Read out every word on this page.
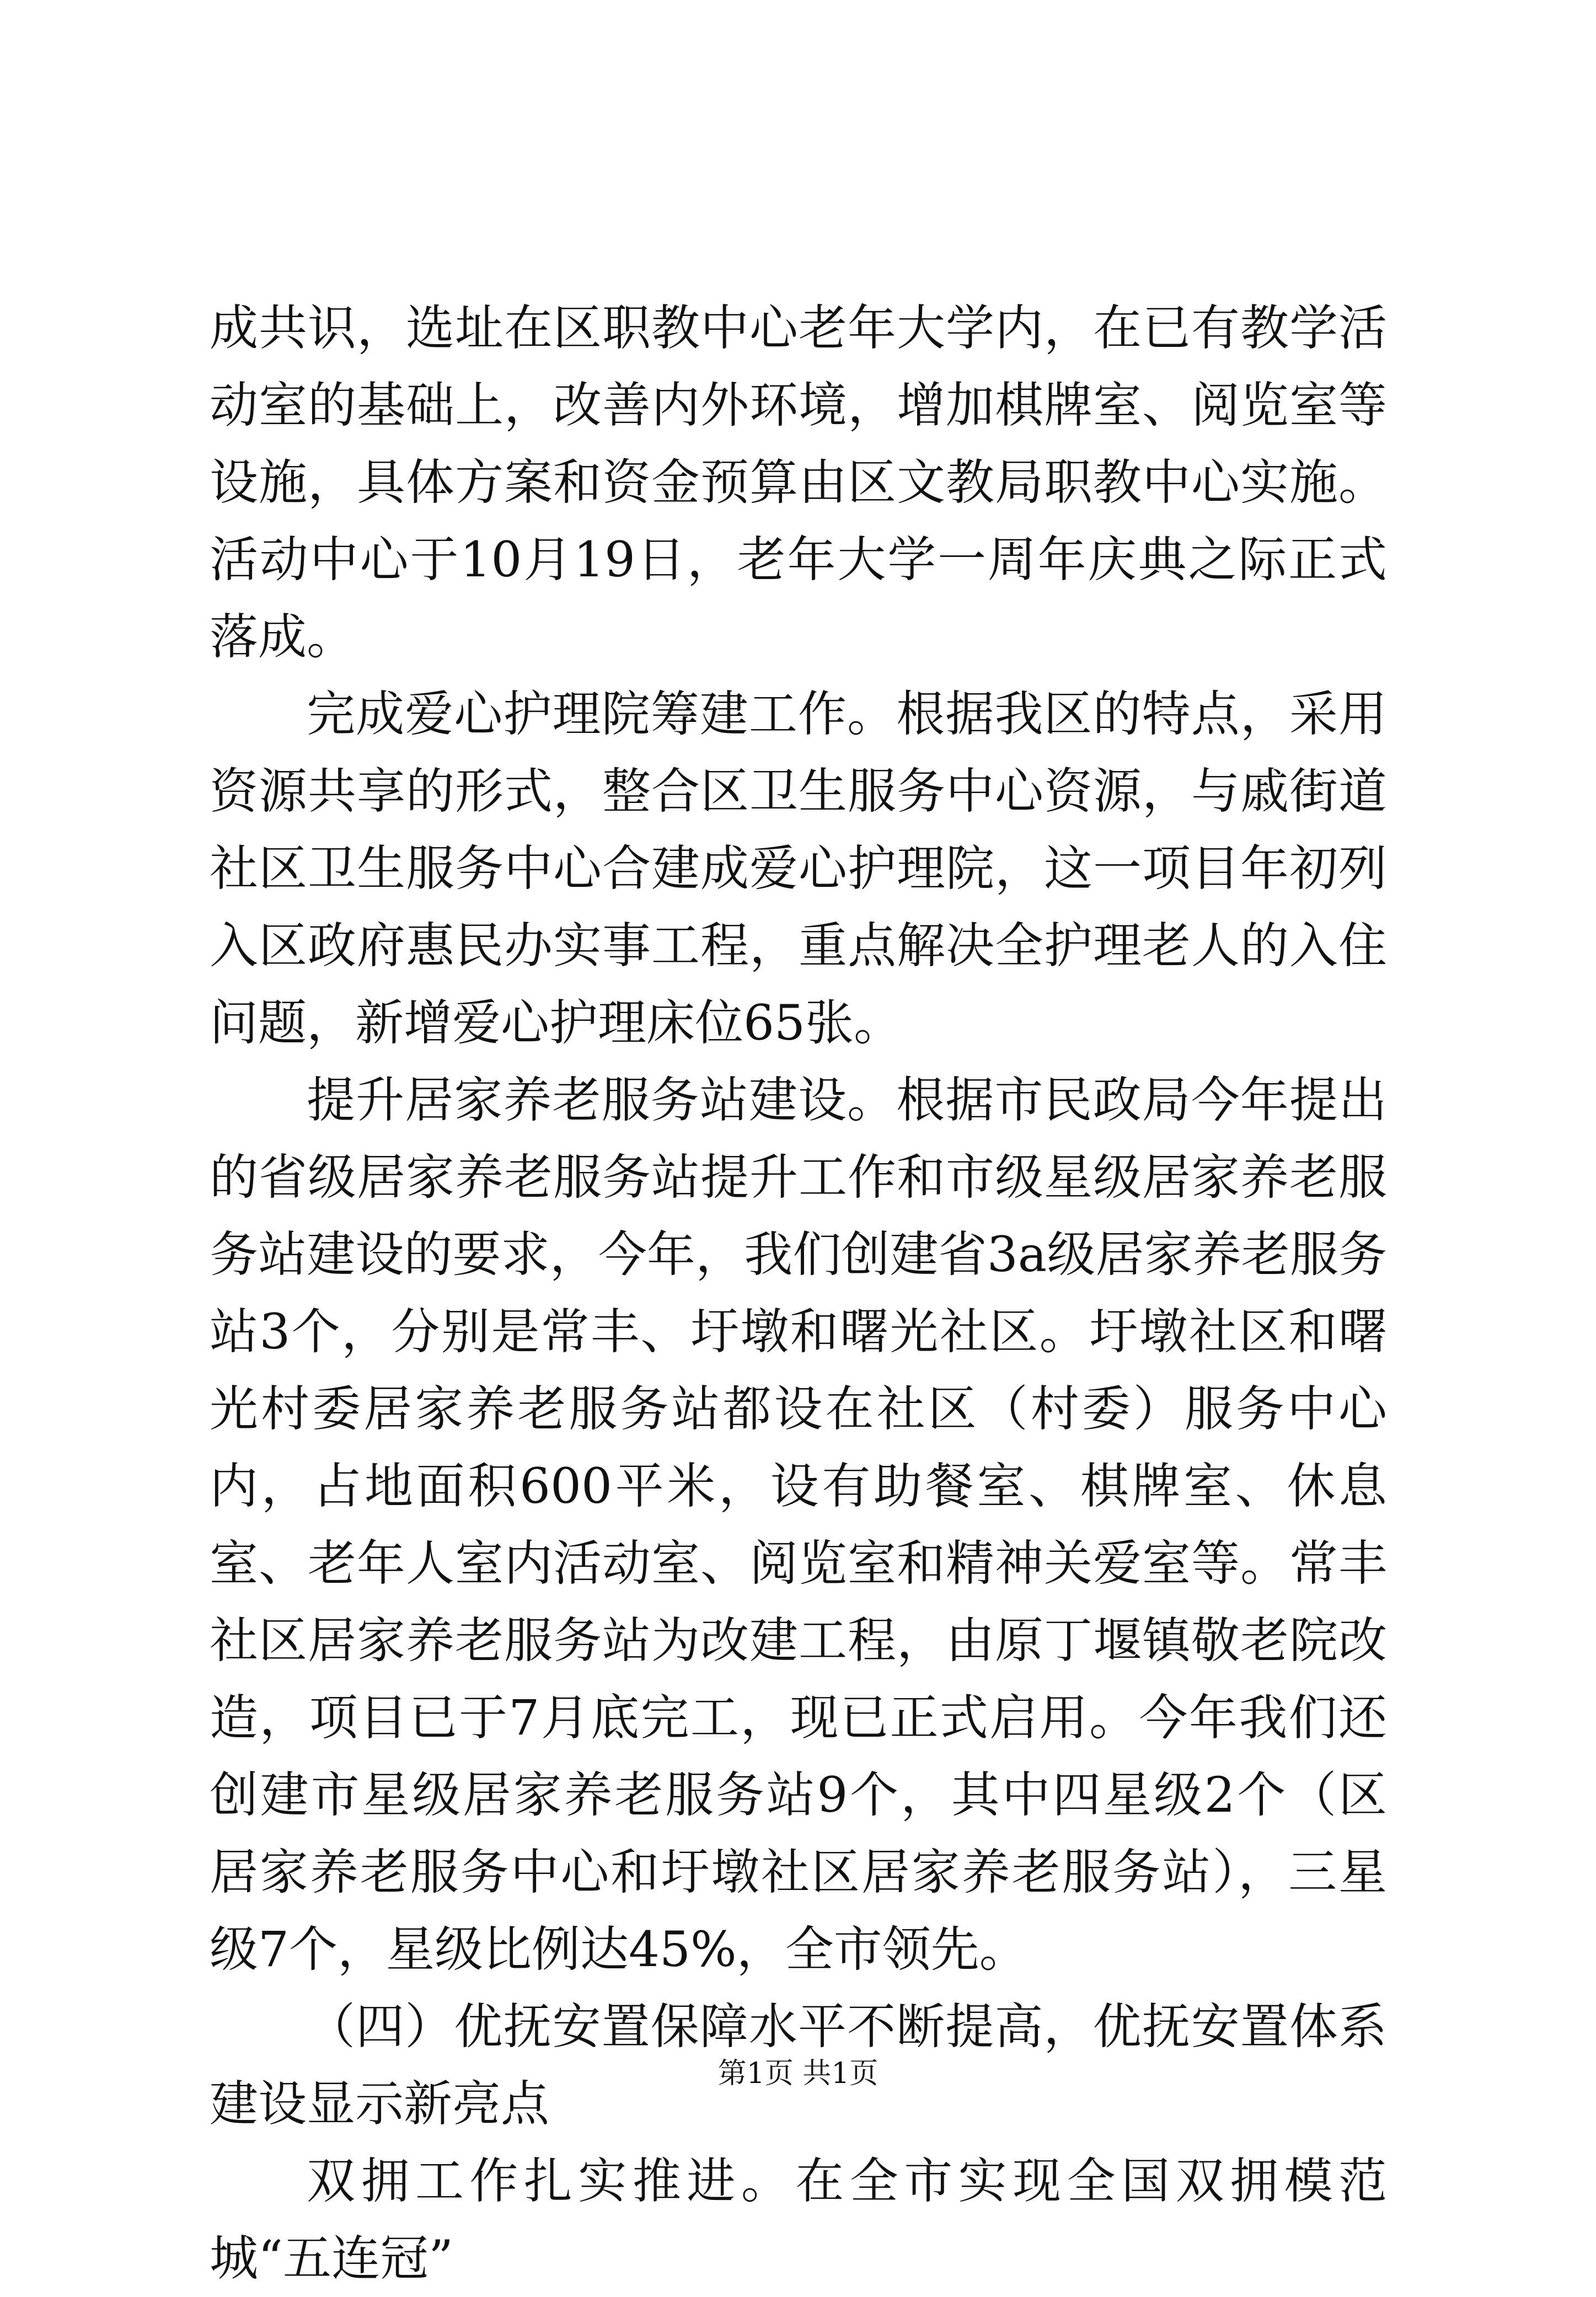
成共识，选址在区职教中心老年大学内，在已有教学活动室的基础上，改善内外环境，增加棋牌室、阅览室等设施，具体方案和资金预算由区文教局职教中心实施。活动中心于10月19日，老年大学一周年庆典之际正式落成。

完成爱心护理院筹建工作。根据我区的特点，采用资源共享的形式，整合区卫生服务中心资源，与戚街道社区卫生服务中心合建成爱心护理院，这一项目年初列入区政府惠民办实事工程，重点解决全护理老人的入住问题，新增爱心护理床位65张。

提升居家养老服务站建设。根据市民政局今年提出的省级居家养老服务站提升工作和市级星级居家养老服务站建设的要求，今年，我们创建省3a级居家养老服务站3个，分别是常丰、圩墩和曙光社区。圩墩社区和曙光村委居家养老服务站都设在社区（村委）服务中心内，占地面积600平米，设有助餐室、棋牌室、休息室、老年人室内活动室、阅览室和精神关爱室等。常丰社区居家养老服务站为改建工程，由原丁堰镇敬老院改造，项目已于7月底完工，现已正式启用。今年我们还创建市星级居家养老服务站9个，其中四星级2个（区居家养老服务中心和圩墩社区居家养老服务站），三星级7个，星级比例达45%，全市领先。

（四）优抚安置保障水平不断提高，优抚安置体系建设显示新亮点

双拥工作扎实推进。在全市实现全国双拥模范城“五连冠”

第1页 共1页
